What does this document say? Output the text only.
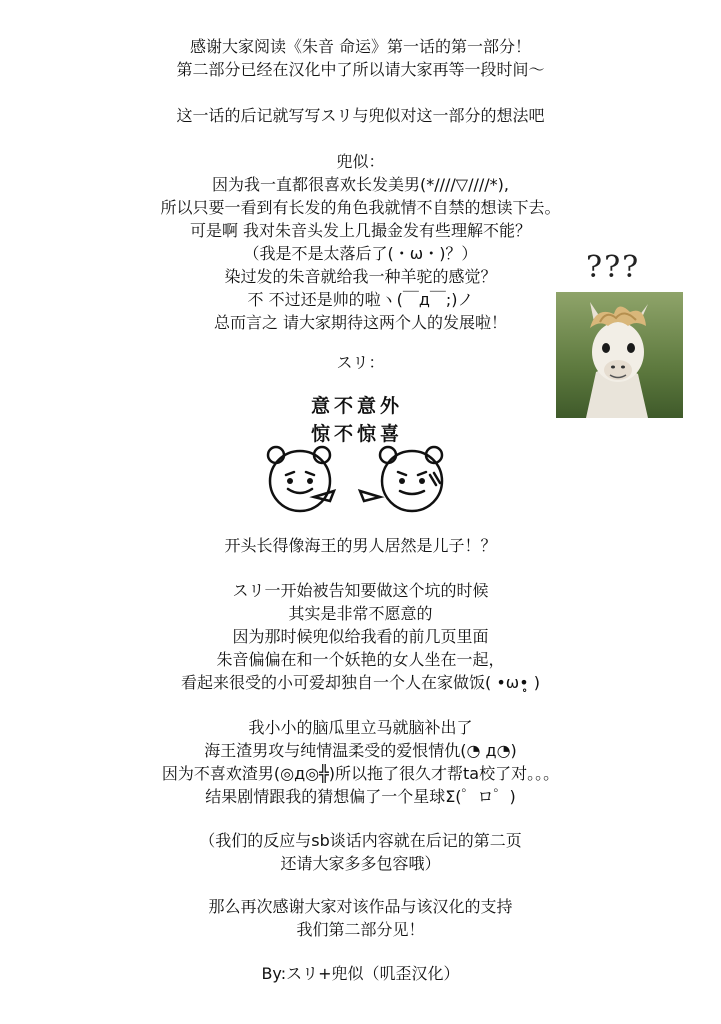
感谢大家阅读《朱音 命运》第一话的第一部分！
第二部分已经在汉化中了所以请大家再等一段时间～
这一话的后记就写写スリ与兜似对这一部分的想法吧
兜似：
因为我一直都很喜欢长发美男(*////▽////*),
所以只要一看到有长发的角色我就情不自禁的想读下去。
可是啊 我对朱音头发上几撮金发有些理解不能？
（我是不是太落后了(・ω・)？）
染过发的朱音就给我一种羊驼的感觉？
不 不过还是帅的啦ヽ(￣д￣;)ノ
总而言之 请大家期待这两个人的发展啦！
スリ：
开头长得像海王的男人居然是儿子！？
スリ一开始被告知要做这个坑的时候
其实是非常不愿意的
因为那时候兜似给我看的前几页里面
朱音偏偏在和一个妖艳的女人坐在一起，
看起来很受的小可爱却独自一个人在家做饭( •ω•̥ )
我小小的脑瓜里立马就脑补出了
海王渣男攻与纯情温柔受的爱恨情仇(◔ д◔)
因为不喜欢渣男(◎д◎╬)所以拖了很久才帮ta校了对。。。
结果剧情跟我的猜想偏了一个星球Σ(゜ロ゜)
（我们的反应与sb谈话内容就在后记的第二页
还请大家多多包容哦）
那么再次感谢大家对该作品与该汉化的支持
我们第二部分见！
By:スリ+兜似（叽歪汉化）
???
意不意外
惊不惊喜
